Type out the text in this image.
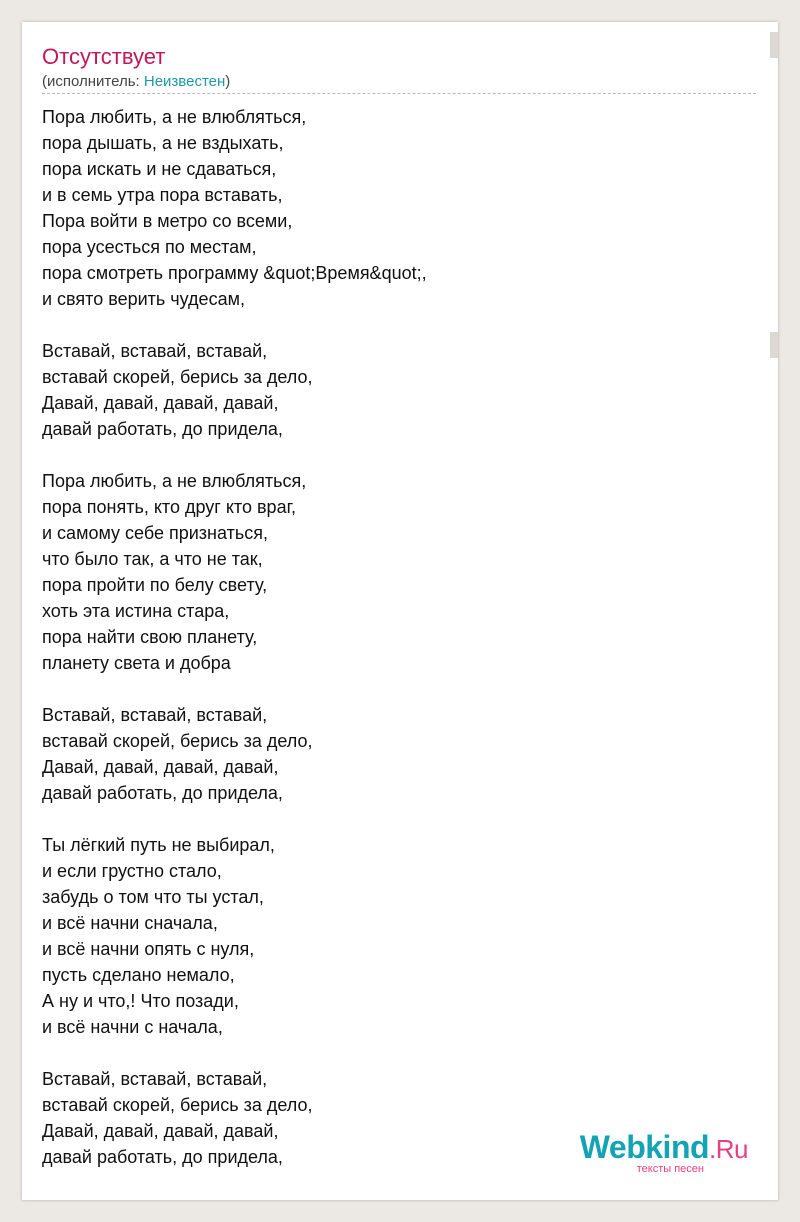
Отсутствует
(исполнитель: Неизвестен)
Пора любить, а не влюбляться,
пора дышать, а не вздыхать,
пора искать и не сдаваться,
и в семь утра пора вставать,
Пора войти в метро со всеми,
пора усесться по местам,
пора смотреть программу &quot;Время&quot;,
и свято верить чудесам,
Вставай, вставай, вставай,
вставай скорей, берись за дело,
Давай, давай, давай, давай,
давай работать, до придела,
Пора любить, а не влюбляться,
пора понять, кто друг кто враг,
и самому себе признаться,
что было так, а что не так,
пора пройти по белу свету,
хоть эта истина стара,
пора найти свою планету,
планету света и добра
Вставай, вставай, вставай,
вставай скорей, берись за дело,
Давай, давай, давай, давай,
давай работать, до придела,
Ты лёгкий путь не выбирал,
и если грустно стало,
забудь о том что ты устал,
и всё начни сначала,
и всё начни опять с нуля,
пусть сделано немало,
А ну и что,! Что позади,
и всё начни с начала,
Вставай, вставай, вставай,
вставай скорей, берись за дело,
Давай, давай, давай, давай,
давай работать, до придела,	Webkind.Ru
тексты песен
